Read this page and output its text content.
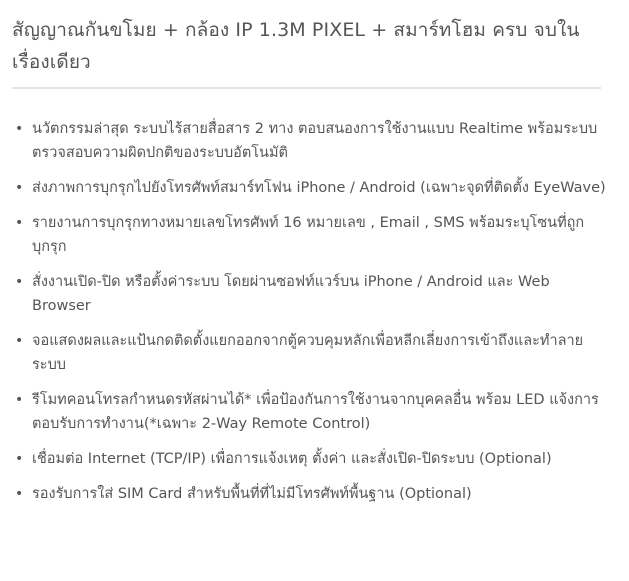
สัญญาณกันขโมย + กล้อง IP 1.3M PIXEL + สมาร์ทโฮม ครบ จบในเรื่องเดียว
• นวัตกรรมล่าสุด ระบบไร้สายสื่อสาร 2 ทาง ตอบสนองการใช้งานแบบ Realtime พร้อมระบบตรวจสอบความผิดปกติของระบบอัตโนมัติ
• ส่งภาพการบุกรุกไปยังโทรศัพท์สมาร์ทโฟน iPhone / Android (เฉพาะจุดที่ติดตั้ง EyeWave)
• รายงานการบุกรุกทางหมายเลขโทรศัพท์ 16 หมายเลข , Email , SMS พร้อมระบุโซนที่ถูกบุกรุก
• สั่งงานเปิด-ปิด หรือตั้งค่าระบบ โดยผ่านซอฟท์แวร์บน iPhone / Android และ Web Browser
• จอแสดงผลและแป้นกดติดตั้งแยกออกจากตู้ควบคุมหลักเพื่อหลีกเลี่ยงการเข้าถึงและทำลายระบบ
• รีโมทคอนโทรลกำหนดรหัสผ่านได้* เพื่อป้องกันการใช้งานจากบุคคลอื่น พร้อม LED แจ้งการตอบรับการทำงาน(*เฉพาะ 2-Way Remote Control)
• เชื่อมต่อ Internet (TCP/IP) เพื่อการแจ้งเหตุ ตั้งค่า และสั่งเปิด-ปิดระบบ (Optional)
• รองรับการใส่ SIM Card สำหรับพื้นที่ที่ไม่มีโทรศัพท์พื้นฐาน (Optional)
